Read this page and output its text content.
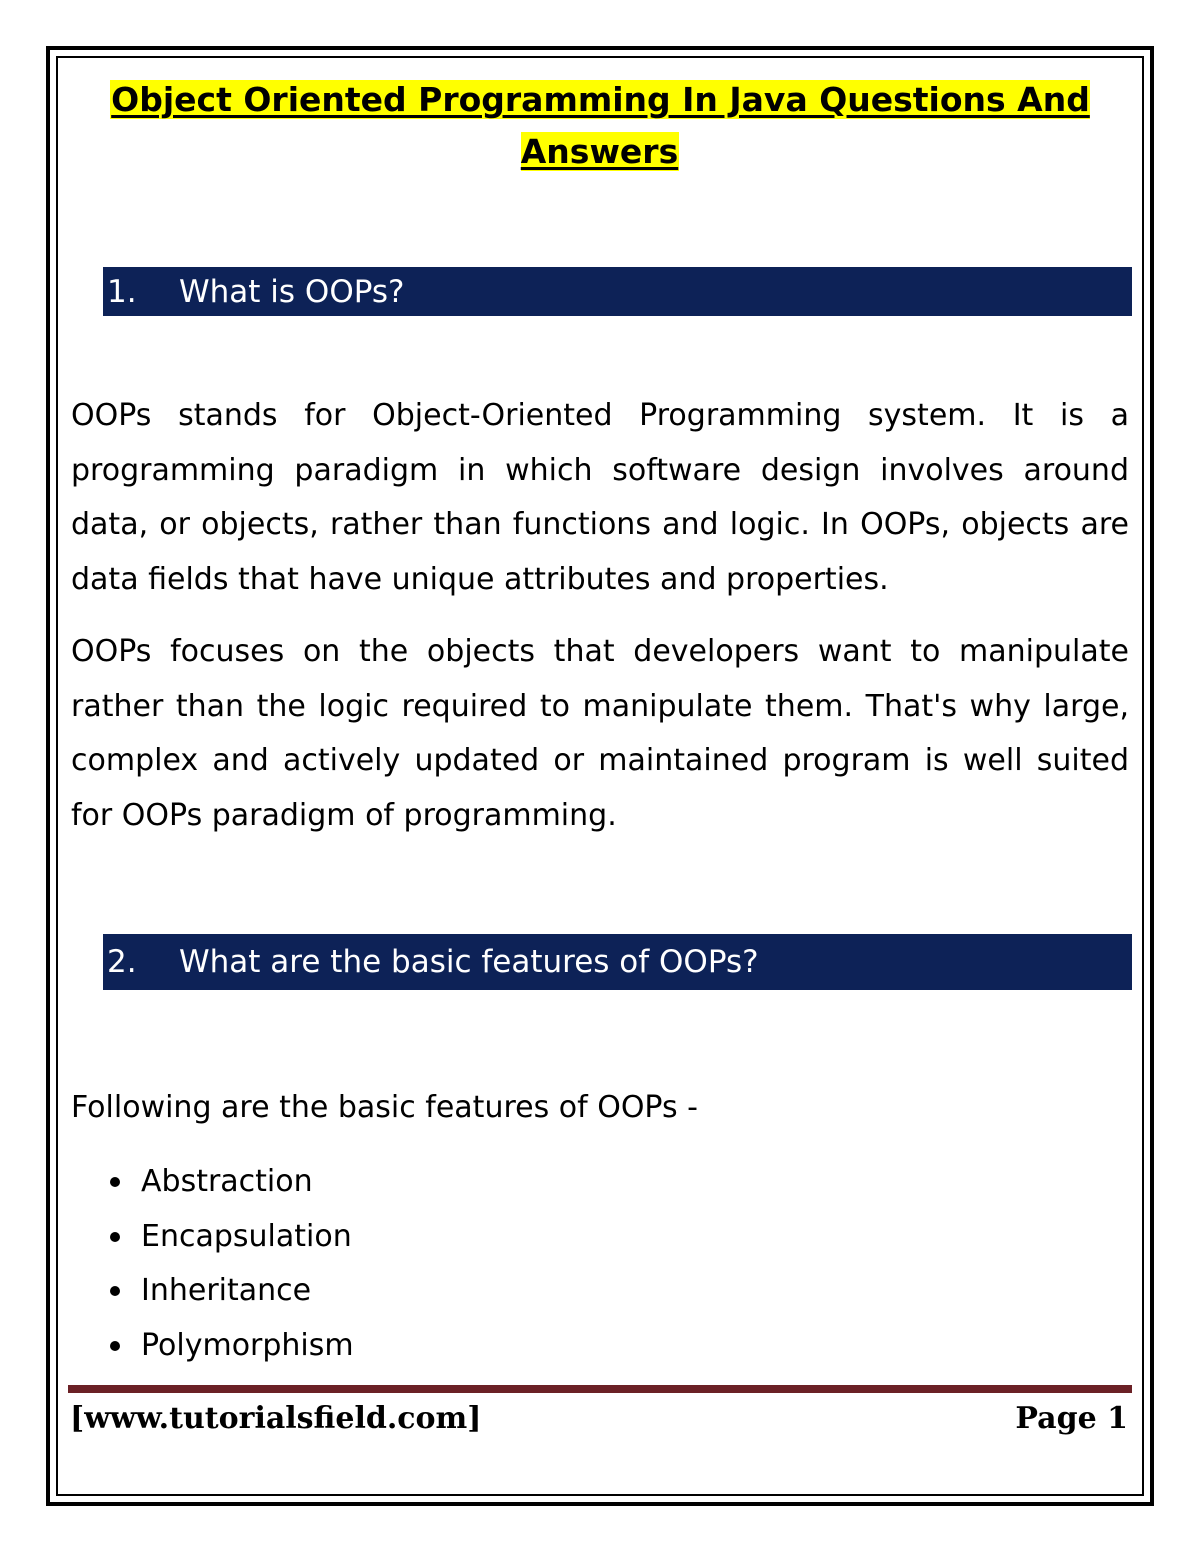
Object Oriented Programming In Java Questions And Answers
1.	What is OOPs?

OOPs stands for Object-Oriented Programming system. It is a programming paradigm in which software design involves around data, or objects, rather than functions and logic. In OOPs, objects are data fields that have unique attributes and properties.

OOPs focuses on the objects that developers want to manipulate rather than the logic required to manipulate them. That's why large, complex and actively updated or maintained program is well suited for OOPs paradigm of programming.

2.	What are the basic features of OOPs?

Following are the basic features of OOPs -

Abstraction
Encapsulation
Inheritance
Polymorphism
[www.tutorialsfield.com]	Page 1
